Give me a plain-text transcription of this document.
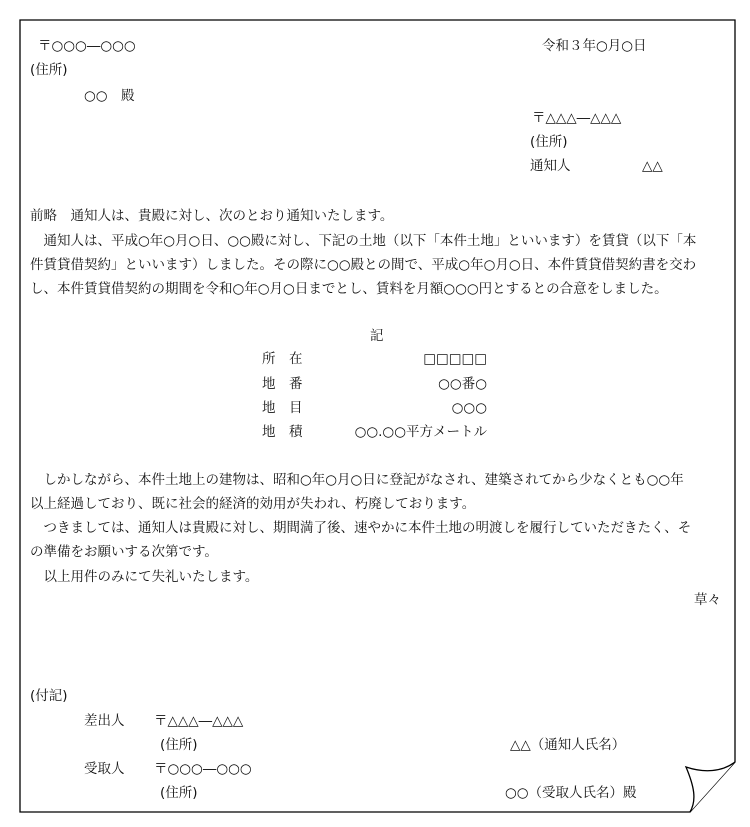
〒○○○―○○○
(住所)
○○　殿
令和３年○月○日
〒△△△―△△△
(住所)
通知人	△△
前略　通知人は、貴殿に対し、次のとおり通知いたします。
　通知人は、平成○年○月○日、○○殿に対し、下記の土地（以下「本件土地」といいます）を賃貸（以下「本
件賃貸借契約」といいます）しました。その際に○○殿との間で、平成○年○月○日、本件賃貸借契約書を交わ
し、本件賃貸借契約の期間を令和○年○月○日までとし、賃料を月額○○○円とするとの合意をしました。
記
所　在	□□□□□
地　番	○○番○
地　目	○○○
地　積	○○.○○平方メートル
　しかしながら、本件土地上の建物は、昭和○年○月○日に登記がなされ、建築されてから少なくとも○○年
以上経過しており、既に社会的経済的効用が失われ、朽廃しております。
　つきましては、通知人は貴殿に対し、期間満了後、速やかに本件土地の明渡しを履行していただきたく、そ
の準備をお願いする次第です。
　以上用件のみにて失礼いたします。
草々
(付記)
差出人 〒△△△―△△△
(住所)	△△（通知人氏名）
受取人 〒○○○―○○○
(住所)	○○（受取人氏名）殿
